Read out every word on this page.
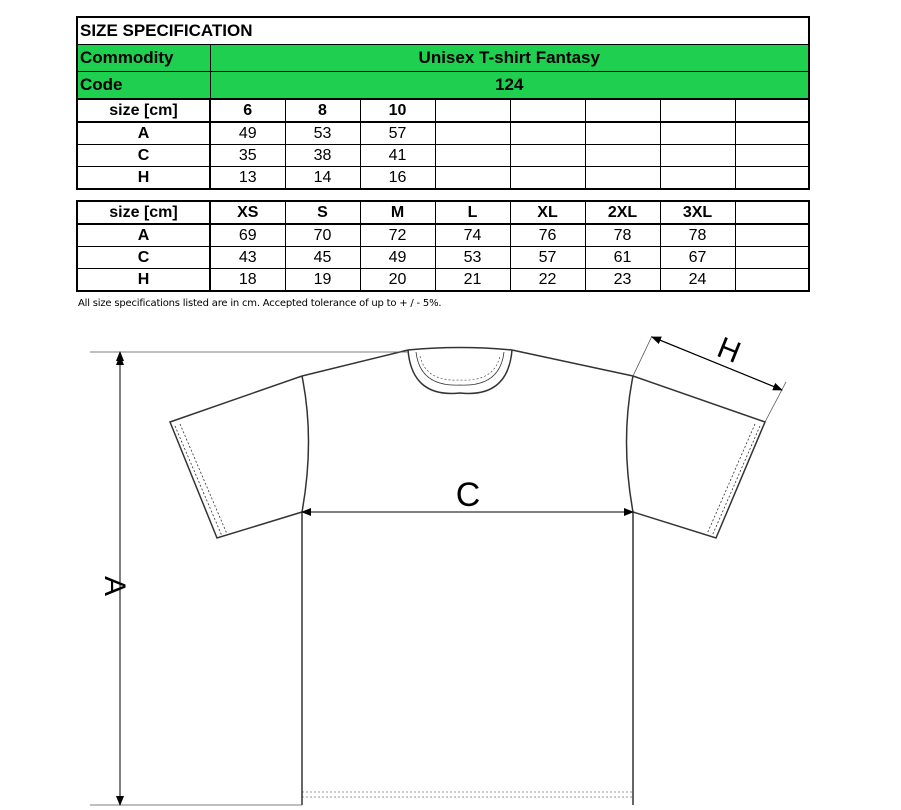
SIZE SPECIFICATION	
Commodity	Unisex T-shirt Fantasy
Code	124
size [cm]	6	8	10					
A	49	53	57					
C	35	38	41					
H	13	14	16					
size [cm]	XS	S	M	L	XL	2XL	3XL	
A	69	70	72	74	76	78	78	
C	43	45	49	53	57	61	67	
H	18	19	20	21	22	23	24	
All size specifications listed are in cm. Accepted tolerance of up to + / - 5%.
A
C
H
